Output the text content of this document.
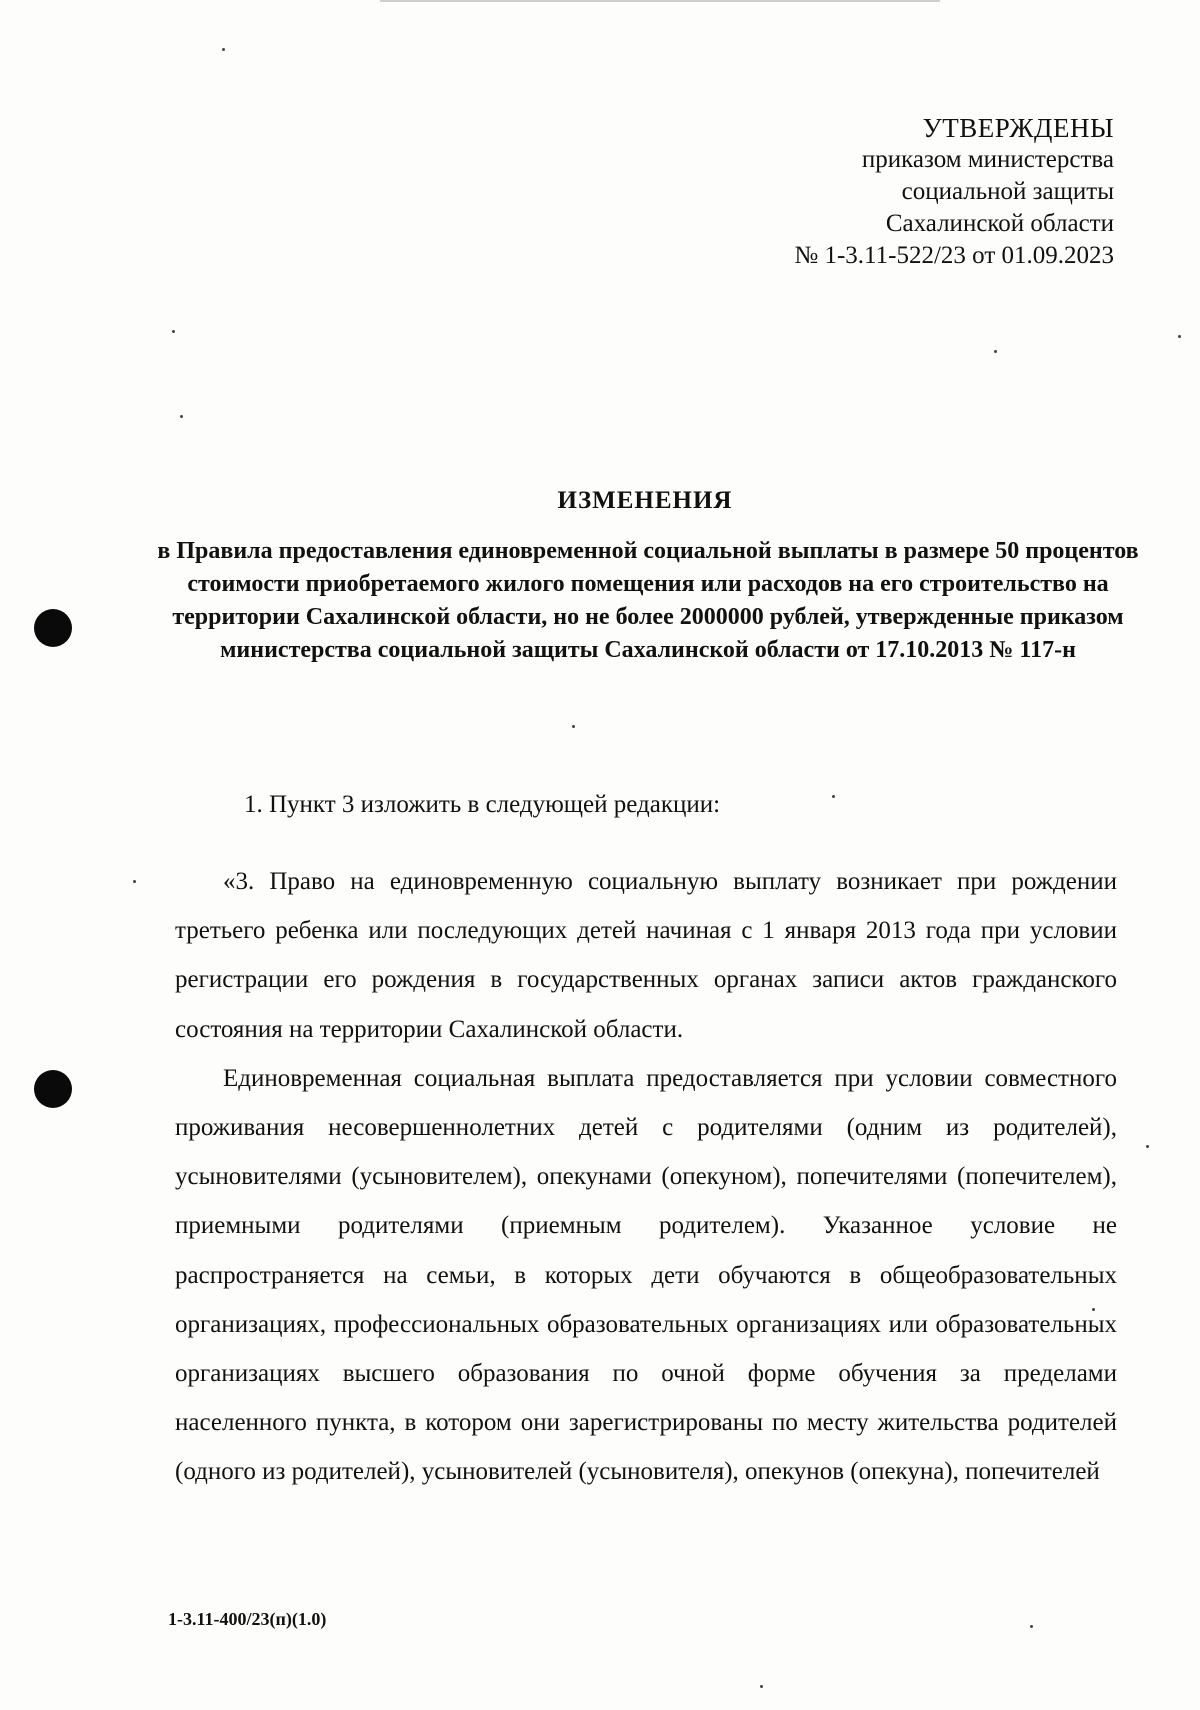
УТВЕРЖДЕНЫ
приказом министерства
социальной защиты
Сахалинской области
№ 1-3.11-522/23 от 01.09.2023
ИЗМЕНЕНИЯ
в Правила предоставления единовременной социальной выплаты в размере 50 процентов стоимости приобретаемого жилого помещения или расходов на его строительство на территории Сахалинской области, но не более 2000000 рублей, утвержденные приказом министерства социальной защиты Сахалинской области от 17.10.2013 № 117-н
1. Пункт 3 изложить в следующей редакции:

«3. Право на единовременную социальную выплату возникает при рождении третьего ребенка или последующих детей начиная с 1 января 2013 года при условии регистрации его рождения в государственных органах записи актов гражданского состояния на территории Сахалинской области.

Единовременная социальная выплата предоставляется при условии совместного проживания несовершеннолетних детей с родителями (одним из родителей), усыновителями (усыновителем), опекунами (опекуном), попечителями (попечителем), приемными родителями (приемным родителем). Указанное условие не распространяется на семьи, в которых дети обучаются в общеобразовательных организациях, профессиональных образовательных организациях или образовательных организациях высшего образования по очной форме обучения за пределами населенного пункта, в котором они зарегистрированы по месту жительства родителей (одного из родителей), усыновителей (усыновителя), опекунов (опекуна), попечителей

1-3.11-400/23(п)(1.0)
